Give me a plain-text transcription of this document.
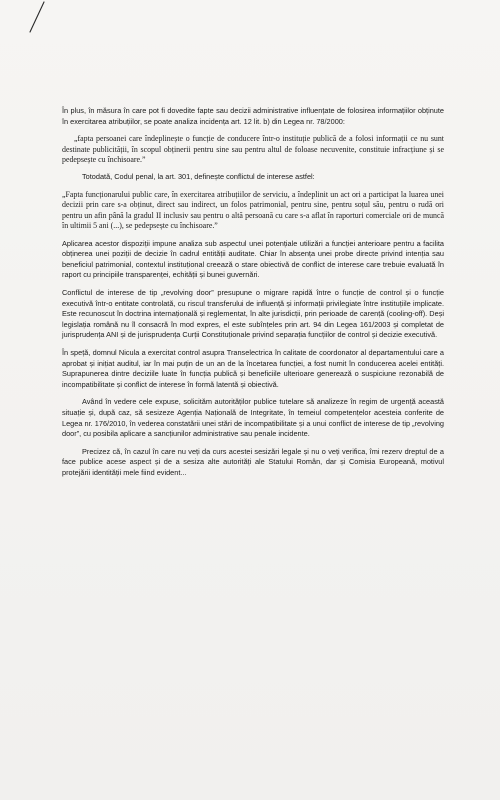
În plus, în măsura în care pot fi dovedite fapte sau decizii administrative influențate de folosirea informațiilor obținute în exercitarea atribuțiilor, se poate analiza incidența art. 12 lit. b) din Legea nr. 78/2000:

„fapta persoanei care îndeplinește o funcție de conducere într-o instituție publică de a folosi informații ce nu sunt destinate publicității, în scopul obținerii pentru sine sau pentru altul de foloase necuvenite, constituie infracțiune și se pedepsește cu închisoare.”

Totodată, Codul penal, la art. 301, definește conflictul de interese astfel:

„Fapta funcționarului public care, în exercitarea atribuțiilor de serviciu, a îndeplinit un act ori a participat la luarea unei decizii prin care s-a obținut, direct sau indirect, un folos patrimonial, pentru sine, pentru soțul său, pentru o rudă ori pentru un afin până la gradul II inclusiv sau pentru o altă persoană cu care s-a aflat în raporturi comerciale ori de muncă în ultimii 5 ani (...), se pedepsește cu închisoare.”

Aplicarea acestor dispoziții impune analiza sub aspectul unei potențiale utilizări a funcției anterioare pentru a facilita obținerea unei poziții de decizie în cadrul entității auditate. Chiar în absența unei probe directe privind intenția sau beneficiul patrimonial, contextul instituțional creează o stare obiectivă de conflict de interese care trebuie evaluată în raport cu principiile transparenței, echității și bunei guvernări.

Conflictul de interese de tip „revolving door” presupune o migrare rapidă între o funcție de control și o funcție executivă într-o entitate controlată, cu riscul transferului de influență și informații privilegiate între instituțiile implicate. Este recunoscut în doctrina internațională și reglementat, în alte jurisdicții, prin perioade de carență (cooling-off). Deși legislația română nu îl consacră în mod expres, el este subînțeles prin art. 94 din Legea 161/2003 și completat de jurisprudența ANI și de jurisprudența Curții Constituționale privind separația funcțiilor de control și decizie executivă.

În speță, domnul Nicula a exercitat control asupra Transelectrica în calitate de coordonator al departamentului care a aprobat și inițiat auditul, iar în mai puțin de un an de la încetarea funcției, a fost numit în conducerea acelei entități. Suprapunerea dintre deciziile luate în funcția publică și beneficiile ulterioare generează o suspiciune rezonabilă de incompatibilitate și conflict de interese în formă latentă și obiectivă.

Având în vedere cele expuse, solicităm autorităților publice tutelare să analizeze în regim de urgență această situație și, după caz, să sesizeze Agenția Națională de Integritate, în temeiul competențelor acesteia conferite de Legea nr. 176/2010, în vederea constatării unei stări de incompatibilitate și a unui conflict de interese de tip „revolving door”, cu posibila aplicare a sancțiunilor administrative sau penale incidente.

Precizez că, în cazul în care nu veți da curs acestei sesizări legale și nu o veți verifica, îmi rezerv dreptul de a face publice acese aspect și de a sesiza alte autorități ale Statului Român, dar și Comisia Europeană, motivul protejării identității mele fiind evident...
